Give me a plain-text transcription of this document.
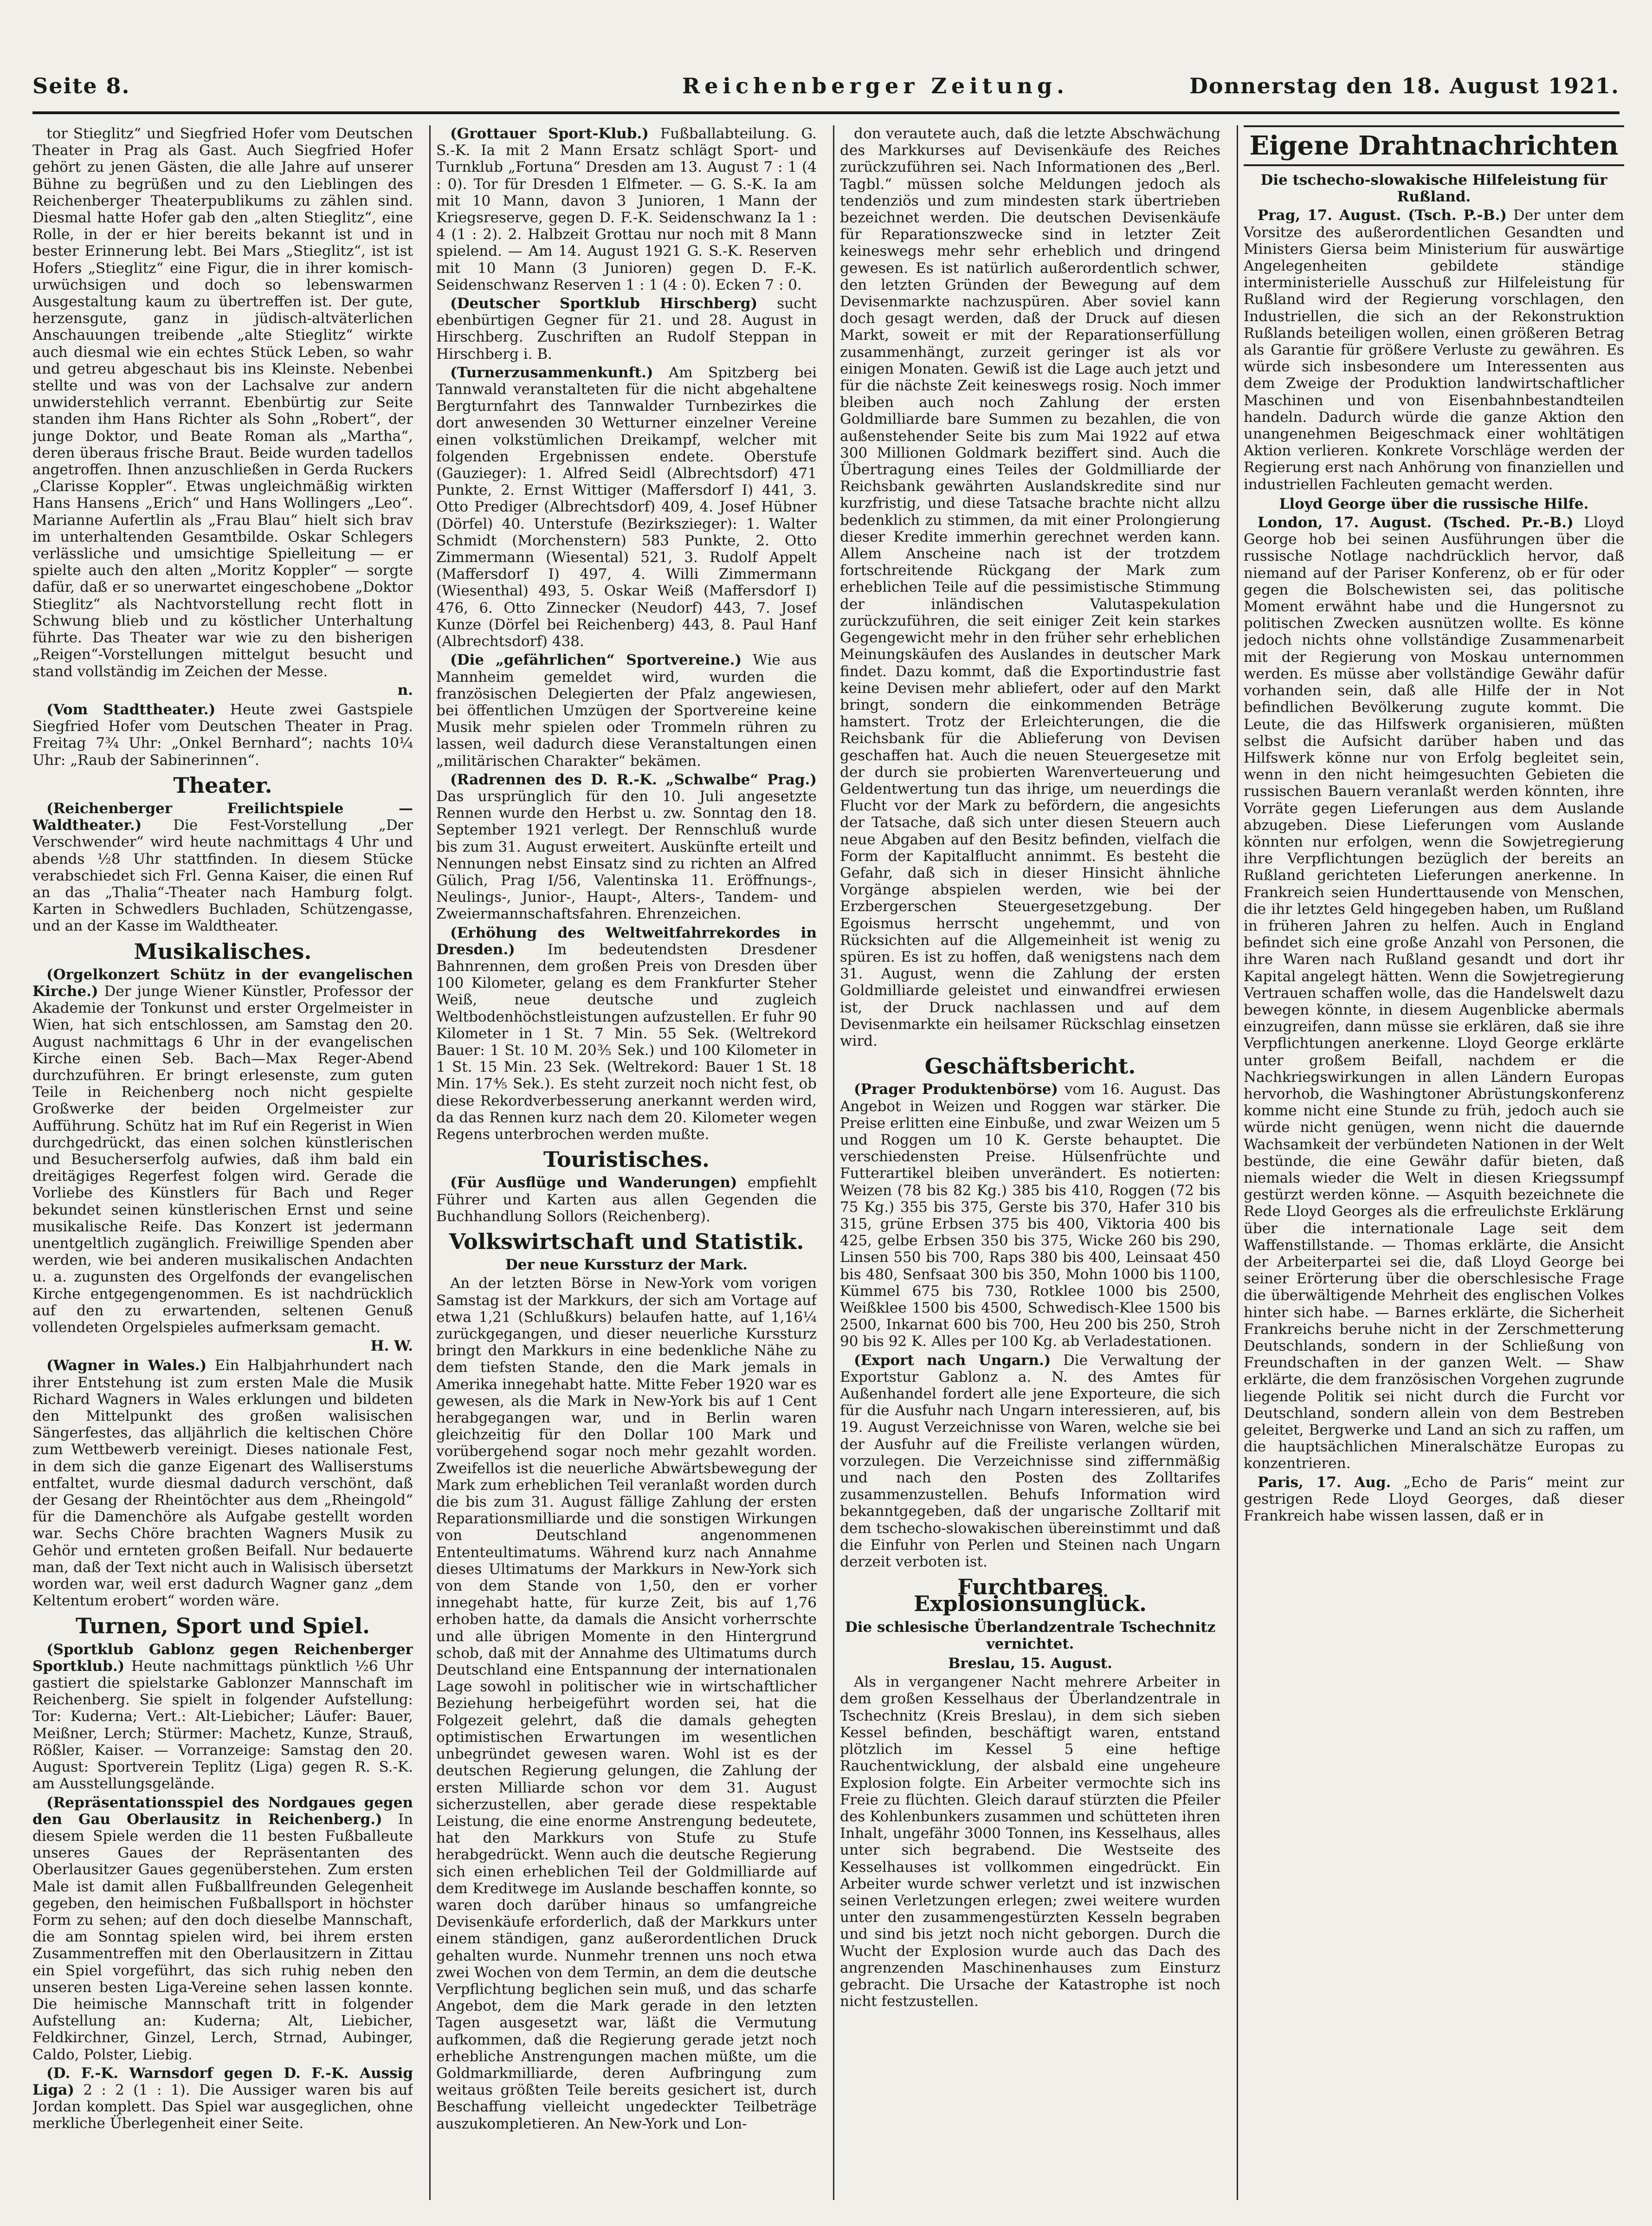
Seite 8.	Reichenberger Zeitung.	Donnerstag den 18. August 1921.

tor Stieglitz“ und Siegfried Hofer vom Deutschen Theater in Prag als Gast. Auch Siegfried Hofer gehört zu jenen Gästen, die alle Jahre auf unserer Bühne zu begrüßen und zu den Lieblingen des Reichenberger Theaterpublikums zu zählen sind. Diesmal hatte Hofer gab den „alten Stieglitz“, eine Rolle, in der er hier bereits bekannt ist und in bester Erinnerung lebt. Bei Mars „Stieglitz“, ist ist Hofers „Stieglitz“ eine Figur, die in ihrer komisch-urwüchsigen und doch so lebenswarmen Ausgestaltung kaum zu übertreffen ist. Der gute, herzensgute, ganz in jüdisch-altväterlichen Anschauungen treibende „alte Stieglitz“ wirkte auch diesmal wie ein echtes Stück Leben, so wahr und getreu abgeschaut bis ins Kleinste. Nebenbei stellte und was von der Lachsalve zur andern unwiderstehlich verrannt. Ebenbürtig zur Seite standen ihm Hans Richter als Sohn „Robert“, der junge Doktor, und Beate Roman als „Martha“, deren überaus frische Braut. Beide wurden tadellos angetroffen. Ihnen anzuschließen in Gerda Ruckers „Clarisse Koppler“. Etwas ungleichmäßig wirkten Hans Hansens „Erich“ und Hans Wollingers „Leo“. Marianne Aufertlin als „Frau Blau“ hielt sich brav im unterhaltenden Gesamtbilde. Oskar Schlegers verlässliche und umsichtige Spielleitung — er spielte auch den alten „Moritz Koppler“ — sorgte dafür, daß er so unerwartet eingeschobene „Doktor Stieglitz“ als Nachtvorstellung recht flott in Schwung blieb und zu köstlicher Unterhaltung führte. Das Theater war wie zu den bisherigen „Reigen“-Vorstellungen mittelgut besucht und stand vollständig im Zeichen der Messe.

n.

(Vom Stadttheater.) Heute zwei Gastspiele Siegfried Hofer vom Deutschen Theater in Prag. Freitag 7¾ Uhr: „Onkel Bernhard“; nachts 10¼ Uhr: „Raub der Sabinerinnen“.

Theater.

(Reichenberger Freilichtspiele — Waldtheater.) Die Fest-Vorstellung „Der Verschwender“ wird heute nachmittags 4 Uhr und abends ½8 Uhr stattfinden. In diesem Stücke verabschiedet sich Frl. Genna Kaiser, die einen Ruf an das „Thalia“-Theater nach Hamburg folgt. Karten in Schwedlers Buchladen, Schützengasse, und an der Kasse im Waldtheater.

Musikalisches.

(Orgelkonzert Schütz in der evangelischen Kirche.) Der junge Wiener Künstler, Professor der Akademie der Tonkunst und erster Orgelmeister in Wien, hat sich entschlossen, am Samstag den 20. August nachmittags 6 Uhr in der evangelischen Kirche einen Seb. Bach—Max Reger-Abend durchzuführen. Er bringt erlesenste, zum guten Teile in Reichenberg noch nicht gespielte Großwerke der beiden Orgelmeister zur Aufführung. Schütz hat im Ruf ein Regerist in Wien durchgedrückt, das einen solchen künstlerischen und Besucherserfolg aufwies, daß ihm bald ein dreitägiges Regerfest folgen wird. Gerade die Vorliebe des Künstlers für Bach und Reger bekundet seinen künstlerischen Ernst und seine musikalische Reife. Das Konzert ist jedermann unentgeltlich zugänglich. Freiwillige Spenden aber werden, wie bei anderen musikalischen Andachten u. a. zugunsten des Orgelfonds der evangelischen Kirche entgegengenommen. Es ist nachdrücklich auf den zu erwartenden, seltenen Genuß vollendeten Orgelspieles aufmerksam gemacht.

H. W.

(Wagner in Wales.) Ein Halbjahrhundert nach ihrer Entstehung ist zum ersten Male die Musik Richard Wagners in Wales erklungen und bildeten den Mittelpunkt des großen walisischen Sängerfestes, das alljährlich die keltischen Chöre zum Wettbewerb vereinigt. Dieses nationale Fest, in dem sich die ganze Eigenart des Walliserstums entfaltet, wurde diesmal dadurch verschönt, daß der Gesang der Rheintöchter aus dem „Rheingold“ für die Damenchöre als Aufgabe gestellt worden war. Sechs Chöre brachten Wagners Musik zu Gehör und ernteten großen Beifall. Nur bedauerte man, daß der Text nicht auch in Walisisch übersetzt worden war, weil erst dadurch Wagner ganz „dem Keltentum erobert“ worden wäre.

Turnen, Sport und Spiel.

(Sportklub Gablonz gegen Reichenberger Sportklub.) Heute nachmittags pünktlich ½6 Uhr gastiert die spielstarke Gablonzer Mannschaft im Reichenberg. Sie spielt in folgender Aufstellung: Tor: Kuderna; Vert.: Alt-Liebicher; Läufer: Bauer, Meißner, Lerch; Stürmer: Machetz, Kunze, Strauß, Rößler, Kaiser. — Vorranzeige: Samstag den 20. August: Sportverein Teplitz (Liga) gegen R. S.-K. am Ausstellungsgelände.

(Repräsentationsspiel des Nordgaues gegen den Gau Oberlausitz in Reichenberg.) In diesem Spiele werden die 11 besten Fußballeute unseres Gaues der Repräsentanten des Oberlausitzer Gaues gegenüberstehen. Zum ersten Male ist damit allen Fußballfreunden Gelegenheit gegeben, den heimischen Fußballsport in höchster Form zu sehen; auf den doch dieselbe Mannschaft, die am Sonntag spielen wird, bei ihrem ersten Zusammentreffen mit den Oberlausitzern in Zittau ein Spiel vorgeführt, das sich ruhig neben den unseren besten Liga-Vereine sehen lassen konnte. Die heimische Mannschaft tritt in folgender Aufstellung an: Kuderna; Alt, Liebicher, Feldkirchner, Ginzel, Lerch, Strnad, Aubinger, Caldo, Polster, Liebig.

(D. F.-K. Warnsdorf gegen D. F.-K. Aussig Liga) 2 : 2 (1 : 1). Die Aussiger waren bis auf Jordan komplett. Das Spiel war ausgeglichen, ohne merkliche Überlegenheit einer Seite.

(Grottauer Sport-Klub.) Fußballabteilung. G. S.-K. Ia mit 2 Mann Ersatz schlägt Sport- und Turnklub „Fortuna“ Dresden am 13. August 7 : 1 (4 : 0). Tor für Dresden 1 Elfmeter. — G. S.-K. Ia am mit 10 Mann, davon 3 Junioren, 1 Mann der Kriegsreserve, gegen D. F.-K. Seidenschwanz Ia 1 : 4 (1 : 2). 2. Halbzeit Grottau nur noch mit 8 Mann spielend. — Am 14. August 1921 G. S.-K. Reserven mit 10 Mann (3 Junioren) gegen D. F.-K. Seidenschwanz Reserven 1 : 1 (4 : 0). Ecken 7 : 0.

(Deutscher Sportklub Hirschberg) sucht ebenbürtigen Gegner für 21. und 28. August in Hirschberg. Zuschriften an Rudolf Steppan in Hirschberg i. B.

(Turnerzusammenkunft.) Am Spitzberg bei Tannwald veranstalteten für die nicht abgehaltene Bergturnfahrt des Tannwalder Turnbezirkes die dort anwesenden 30 Wetturner einzelner Vereine einen volkstümlichen Dreikampf, welcher mit folgenden Ergebnissen endete. Oberstufe (Gauzieger): 1. Alfred Seidl (Albrechtsdorf) 471 Punkte, 2. Ernst Wittiger (Maffersdorf I) 441, 3. Otto Prediger (Albrechtsdorf) 409, 4. Josef Hübner (Dörfel) 40. Unterstufe (Bezirkszieger): 1. Walter Schmidt (Morchenstern) 583 Punkte, 2. Otto Zimmermann (Wiesental) 521, 3. Rudolf Appelt (Maffersdorf I) 497, 4. Willi Zimmermann (Wiesenthal) 493, 5. Oskar Weiß (Maffersdorf I) 476, 6. Otto Zinnecker (Neudorf) 443, 7. Josef Kunze (Dörfel bei Reichenberg) 443, 8. Paul Hanf (Albrechtsdorf) 438.

(Die „gefährlichen“ Sportvereine.) Wie aus Mannheim gemeldet wird, wurden die französischen Delegierten der Pfalz angewiesen, bei öffentlichen Umzügen der Sportvereine keine Musik mehr spielen oder Trommeln rühren zu lassen, weil dadurch diese Veranstaltungen einen „militärischen Charakter“ bekämen.

(Radrennen des D. R.-K. „Schwalbe“ Prag.) Das ursprünglich für den 10. Juli angesetzte Rennen wurde den Herbst u. zw. Sonntag den 18. September 1921 verlegt. Der Rennschluß wurde bis zum 31. August erweitert. Auskünfte erteilt und Nennungen nebst Einsatz sind zu richten an Alfred Gülich, Prag I/56, Valentinska 11. Eröffnungs-, Neulings-, Junior-, Haupt-, Alters-, Tandem- und Zweiermannschaftsfahren. Ehrenzeichen.

(Erhöhung des Weltweitfahrrekordes in Dresden.) Im bedeutendsten Dresdener Bahnrennen, dem großen Preis von Dresden über 100 Kilometer, gelang es dem Frankfurter Steher Weiß, neue deutsche und zugleich Weltbodenhöchstleistungen aufzustellen. Er fuhr 90 Kilometer in 1 St. 7 Min. 55 Sek. (Weltrekord Bauer: 1 St. 10 M. 20⅗ Sek.) und 100 Kilometer in 1 St. 15 Min. 23 Sek. (Weltrekord: Bauer 1 St. 18 Min. 17⅘ Sek.). Es steht zurzeit noch nicht fest, ob diese Rekordverbesserung anerkannt werden wird, da das Rennen kurz nach dem 20. Kilometer wegen Regens unterbrochen werden mußte.

Touristisches.

(Für Ausflüge und Wanderungen) empfiehlt Führer und Karten aus allen Gegenden die Buchhandlung Sollors (Reichenberg).

Volkswirtschaft und Statistik.
Der neue Kurssturz der Mark.

An der letzten Börse in New-York vom vorigen Samstag ist der Markkurs, der sich am Vortage auf etwa 1,21 (Schlußkurs) belaufen hatte, auf 1,16¼ zurückgegangen, und dieser neuerliche Kurssturz bringt den Markkurs in eine bedenkliche Nähe zu dem tiefsten Stande, den die Mark jemals in Amerika innegehabt hatte. Mitte Feber 1920 war es gewesen, als die Mark in New-York bis auf 1 Cent herabgegangen war, und in Berlin waren gleichzeitig für den Dollar 100 Mark und vorübergehend sogar noch mehr gezahlt worden. Zweifellos ist die neuerliche Abwärtsbewegung der Mark zum erheblichen Teil veranlaßt worden durch die bis zum 31. August fällige Zahlung der ersten Reparationsmilliarde und die sonstigen Wirkungen von Deutschland angenommenen Ententeultimatums. Während kurz nach Annahme dieses Ultimatums der Markkurs in New-York sich von dem Stande von 1,50, den er vorher innegehabt hatte, für kurze Zeit, bis auf 1,76 erhoben hatte, da damals die Ansicht vorherrschte und alle übrigen Momente in den Hintergrund schob, daß mit der Annahme des Ultimatums durch Deutschland eine Entspannung der internationalen Lage sowohl in politischer wie in wirtschaftlicher Beziehung herbeigeführt worden sei, hat die Folgezeit gelehrt, daß die damals gehegten optimistischen Erwartungen im wesentlichen unbegründet gewesen waren. Wohl ist es der deutschen Regierung gelungen, die Zahlung der ersten Milliarde schon vor dem 31. August sicherzustellen, aber gerade diese respektable Leistung, die eine enorme Anstrengung bedeutete, hat den Markkurs von Stufe zu Stufe herabgedrückt. Wenn auch die deutsche Regierung sich einen erheblichen Teil der Goldmilliarde auf dem Kreditwege im Auslande beschaffen konnte, so waren doch darüber hinaus so umfangreiche Devisenkäufe erforderlich, daß der Markkurs unter einem ständigen, ganz außerordentlichen Druck gehalten wurde. Nunmehr trennen uns noch etwa zwei Wochen von dem Termin, an dem die deutsche Verpflichtung beglichen sein muß, und das scharfe Angebot, dem die Mark gerade in den letzten Tagen ausgesetzt war, läßt die Vermutung aufkommen, daß die Regierung gerade jetzt noch erhebliche Anstrengungen machen müßte, um die Goldmarkmilliarde, deren Aufbringung zum weitaus größten Teile bereits gesichert ist, durch Beschaffung vielleicht ungedeckter Teilbeträge auszukompletieren. An New-York und Lon-

don verautete auch, daß die letzte Abschwächung des Markkurses auf Devisenkäufe des Reiches zurückzuführen sei. Nach Informationen des „Berl. Tagbl.“ müssen solche Meldungen jedoch als tendenziös und zum mindesten stark übertrieben bezeichnet werden. Die deutschen Devisenkäufe für Reparationszwecke sind in letzter Zeit keineswegs mehr sehr erheblich und dringend gewesen. Es ist natürlich außerordentlich schwer, den letzten Gründen der Bewegung auf dem Devisenmarkte nachzuspüren. Aber soviel kann doch gesagt werden, daß der Druck auf diesen Markt, soweit er mit der Reparationserfüllung zusammenhängt, zurzeit geringer ist als vor einigen Monaten. Gewiß ist die Lage auch jetzt und für die nächste Zeit keineswegs rosig. Noch immer bleiben auch noch Zahlung der ersten Goldmilliarde bare Summen zu bezahlen, die von außenstehender Seite bis zum Mai 1922 auf etwa 300 Millionen Goldmark beziffert sind. Auch die Übertragung eines Teiles der Goldmilliarde der Reichsbank gewährten Auslandskredite sind nur kurzfristig, und diese Tatsache brachte nicht allzu bedenklich zu stimmen, da mit einer Prolongierung dieser Kredite immerhin gerechnet werden kann. Allem Anscheine nach ist der trotzdem fortschreitende Rückgang der Mark zum erheblichen Teile auf die pessimistische Stimmung der inländischen Valutaspekulation zurückzuführen, die seit einiger Zeit kein starkes Gegengewicht mehr in den früher sehr erheblichen Meinungskäufen des Auslandes in deutscher Mark findet. Dazu kommt, daß die Exportindustrie fast keine Devisen mehr abliefert, oder auf den Markt bringt, sondern die einkommenden Beträge hamstert. Trotz der Erleichterungen, die die Reichsbank für die Ablieferung von Devisen geschaffen hat. Auch die neuen Steuergesetze mit der durch sie probierten Warenverteuerung und Geldentwertung tun das ihrige, um neuerdings die Flucht vor der Mark zu befördern, die angesichts der Tatsache, daß sich unter diesen Steuern auch neue Abgaben auf den Besitz befinden, vielfach die Form der Kapitalflucht annimmt. Es besteht die Gefahr, daß sich in dieser Hinsicht ähnliche Vorgänge abspielen werden, wie bei der Erzbergerschen Steuergesetzgebung. Der Egoismus herrscht ungehemmt, und von Rücksichten auf die Allgemeinheit ist wenig zu spüren. Es ist zu hoffen, daß wenigstens nach dem 31. August, wenn die Zahlung der ersten Goldmilliarde geleistet und einwandfrei erwiesen ist, der Druck nachlassen und auf dem Devisenmarkte ein heilsamer Rückschlag einsetzen wird.

Geschäftsbericht.

(Prager Produktenbörse) vom 16. August. Das Angebot in Weizen und Roggen war stärker. Die Preise erlitten eine Einbuße, und zwar Weizen um 5 und Roggen um 10 K. Gerste behauptet. Die verschiedensten Preise. Hülsenfrüchte und Futterartikel bleiben unverändert. Es notierten: Weizen (78 bis 82 Kg.) 385 bis 410, Roggen (72 bis 75 Kg.) 355 bis 375, Gerste bis 370, Hafer 310 bis 315, grüne Erbsen 375 bis 400, Viktoria 400 bis 425, gelbe Erbsen 350 bis 375, Wicke 260 bis 290, Linsen 550 bis 700, Raps 380 bis 400, Leinsaat 450 bis 480, Senfsaat 300 bis 350, Mohn 1000 bis 1100, Kümmel 675 bis 730, Rotklee 1000 bis 2500, Weißklee 1500 bis 4500, Schwedisch-Klee 1500 bis 2500, Inkarnat 600 bis 700, Heu 200 bis 250, Stroh 90 bis 92 K. Alles per 100 Kg. ab Verladestationen.

(Export nach Ungarn.) Die Verwaltung der Exportstur Gablonz a. N. des Amtes für Außenhandel fordert alle jene Exporteure, die sich für die Ausfuhr nach Ungarn interessieren, auf, bis 19. August Verzeichnisse von Waren, welche sie bei der Ausfuhr auf die Freiliste verlangen würden, vorzulegen. Die Verzeichnisse sind ziffernmäßig und nach den Posten des Zolltarifes zusammenzustellen. Behufs Information wird bekanntgegeben, daß der ungarische Zolltarif mit dem tschecho-slowakischen übereinstimmt und daß die Einfuhr von Perlen und Steinen nach Ungarn derzeit verboten ist.

Furchtbares Explosionsunglück.
Die schlesische Überlandzentrale Tschechnitz vernichtet.
Breslau, 15. August.

Als in vergangener Nacht mehrere Arbeiter in dem großen Kesselhaus der Überlandzentrale in Tschechnitz (Kreis Breslau), in dem sich sieben Kessel befinden, beschäftigt waren, entstand plötzlich im Kessel 5 eine heftige Rauchentwicklung, der alsbald eine ungeheure Explosion folgte. Ein Arbeiter vermochte sich ins Freie zu flüchten. Gleich darauf stürzten die Pfeiler des Kohlenbunkers zusammen und schütteten ihren Inhalt, ungefähr 3000 Tonnen, ins Kesselhaus, alles unter sich begrabend. Die Westseite des Kesselhauses ist vollkommen eingedrückt. Ein Arbeiter wurde schwer verletzt und ist inzwischen seinen Verletzungen erlegen; zwei weitere wurden unter den zusammengestürzten Kesseln begraben und sind bis jetzt noch nicht geborgen. Durch die Wucht der Explosion wurde auch das Dach des angrenzenden Maschinenhauses zum Einsturz gebracht. Die Ursache der Katastrophe ist noch nicht festzustellen.

Eigene Drahtnachrichten
Die tschecho-slowakische Hilfeleistung für Rußland.

Prag, 17. August. (Tsch. P.-B.) Der unter dem Vorsitze des außerordentlichen Gesandten und Ministers Giersa beim Ministerium für auswärtige Angelegenheiten gebildete ständige interministerielle Ausschuß zur Hilfeleistung für Rußland wird der Regierung vorschlagen, den Industriellen, die sich an der Rekonstruktion Rußlands beteiligen wollen, einen größeren Betrag als Garantie für größere Verluste zu gewähren. Es würde sich insbesondere um Interessenten aus dem Zweige der Produktion landwirtschaftlicher Maschinen und von Eisenbahnbestandteilen handeln. Dadurch würde die ganze Aktion den unangenehmen Beigeschmack einer wohltätigen Aktion verlieren. Konkrete Vorschläge werden der Regierung erst nach Anhörung von finanziellen und industriellen Fachleuten gemacht werden.

Lloyd George über die russische Hilfe.

London, 17. August. (Tsched. Pr.-B.) Lloyd George hob bei seinen Ausführungen über die russische Notlage nachdrücklich hervor, daß niemand auf der Pariser Konferenz, ob er für oder gegen die Bolschewisten sei, das politische Moment erwähnt habe und die Hungersnot zu politischen Zwecken ausnützen wollte. Es könne jedoch nichts ohne vollständige Zusammenarbeit mit der Regierung von Moskau unternommen werden. Es müsse aber vollständige Gewähr dafür vorhanden sein, daß alle Hilfe der in Not befindlichen Bevölkerung zugute kommt. Die Leute, die das Hilfswerk organisieren, müßten selbst die Aufsicht darüber haben und das Hilfswerk könne nur von Erfolg begleitet sein, wenn in den nicht heimgesuchten Gebieten die russischen Bauern veranlaßt werden könnten, ihre Vorräte gegen Lieferungen aus dem Auslande abzugeben. Diese Lieferungen vom Auslande könnten nur erfolgen, wenn die Sowjetregierung ihre Verpflichtungen bezüglich der bereits an Rußland gerichteten Lieferungen anerkenne. In Frankreich seien Hunderttausende von Menschen, die ihr letztes Geld hingegeben haben, um Rußland in früheren Jahren zu helfen. Auch in England befindet sich eine große Anzahl von Personen, die ihre Waren nach Rußland gesandt und dort ihr Kapital angelegt hätten. Wenn die Sowjetregierung Vertrauen schaffen wolle, das die Handelswelt dazu bewegen könnte, in diesem Augenblicke abermals einzugreifen, dann müsse sie erklären, daß sie ihre Verpflichtungen anerkenne. Lloyd George erklärte unter großem Beifall, nachdem er die Nachkriegswirkungen in allen Ländern Europas hervorhob, die Washingtoner Abrüstungskonferenz komme nicht eine Stunde zu früh, jedoch auch sie würde nicht genügen, wenn nicht die dauernde Wachsamkeit der verbündeten Nationen in der Welt bestünde, die eine Gewähr dafür bieten, daß niemals wieder die Welt in diesen Kriegssumpf gestürzt werden könne. — Asquith bezeichnete die Rede Lloyd Georges als die erfreulichste Erklärung über die internationale Lage seit dem Waffenstillstande. — Thomas erklärte, die Ansicht der Arbeiterpartei sei die, daß Lloyd George bei seiner Erörterung über die oberschlesische Frage die überwältigende Mehrheit des englischen Volkes hinter sich habe. — Barnes erklärte, die Sicherheit Frankreichs beruhe nicht in der Zerschmetterung Deutschlands, sondern in der Schließung von Freundschaften in der ganzen Welt. — Shaw erklärte, die dem französischen Vorgehen zugrunde liegende Politik sei nicht durch die Furcht vor Deutschland, sondern allein von dem Bestreben geleitet, Bergwerke und Land an sich zu raffen, um die hauptsächlichen Mineralschätze Europas zu konzentrieren.

Paris, 17. Aug. „Echo de Paris“ meint zur gestrigen Rede Lloyd Georges, daß dieser Frankreich habe wissen lassen, daß er in
